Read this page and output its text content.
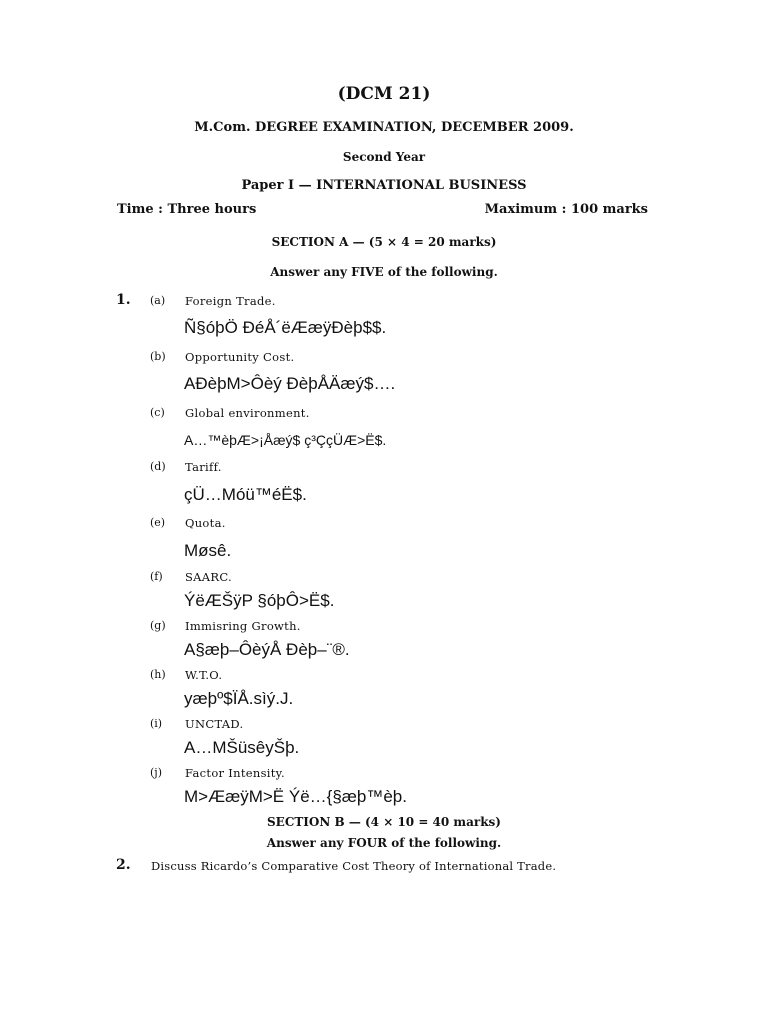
(DCM 21)
M.Com. DEGREE EXAMINATION, DECEMBER 2009.
Second Year
Paper I — INTERNATIONAL BUSINESS
Time : Three hours	Maximum : 100 marks
SECTION A — (5 × 4 = 20 marks)
Answer any FIVE of the following.
1. (a) Foreign Trade.
Ñ§óþÖ ÐéÅ´ëÆæÿÐèþ$$.
(b) Opportunity Cost.
AÐèþM>Ôèý ÐèþÅÄæý$….
(c) Global environment.
A…™èþÆ>¡Åæý$ ç³ÇçÜÆ>Ë$.
(d) Tariff.
çÜ…Móü™éË$.
(e) Quota.
Møsê.
(f) SAARC.
ÝëÆŠÿP §óþÔ>Ë$.
(g) Immisring Growth.
A§æþ–ÔèýÅ Ðèþ–¨®.
(h) W.T.O.
yæþº$ÏÅ.sìý.J.
(i) UNCTAD.
A…MŠüsêyŠþ.
(j) Factor Intensity.
M>ÆæÿM>Ë Ýë…{§æþ™èþ.
SECTION B — (4 × 10 = 40 marks)
Answer any FOUR of the following.
2. Discuss Ricardo’s Comparative Cost Theory of International Trade.
